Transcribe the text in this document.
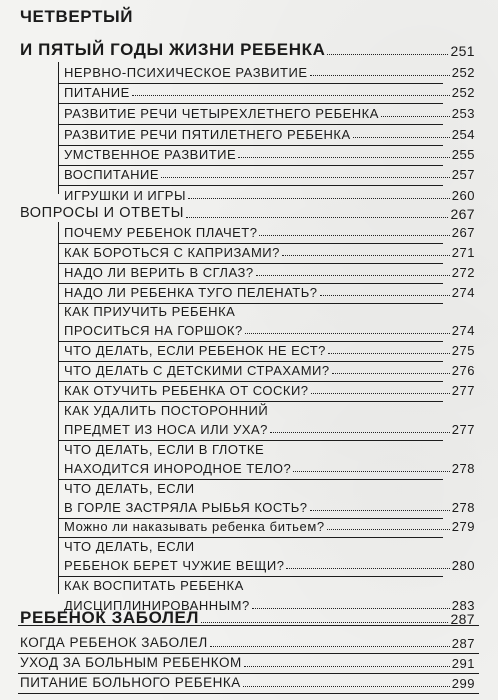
ЧЕТВЕРТЫЙ
И ПЯТЫЙ ГОДЫ ЖИЗНИ РЕБЕНКА	251
НЕРВНО-ПСИХИЧЕСКОЕ РАЗВИТИЕ	252
ПИТАНИЕ	252
РАЗВИТИЕ РЕЧИ ЧЕТЫРЕХЛЕТНЕГО РЕБЕНКА	253
РАЗВИТИЕ РЕЧИ ПЯТИЛЕТНЕГО РЕБЕНКА	254
УМСТВЕННОЕ РАЗВИТИЕ	255
ВОСПИТАНИЕ	257
ИГРУШКИ И ИГРЫ	260
ВОПРОСЫ И ОТВЕТЫ	267
ПОЧЕМУ РЕБЕНОК ПЛАЧЕТ?	267
КАК БОРОТЬСЯ С КАПРИЗАМИ?	271
НАДО ЛИ ВЕРИТЬ В СГЛАЗ?	272
НАДО ЛИ РЕБЕНКА ТУГО ПЕЛЕНАТЬ?	274
КАК ПРИУЧИТЬ РЕБЕНКА
ПРОСИТЬСЯ НА ГОРШОК?	274
ЧТО ДЕЛАТЬ, ЕСЛИ РЕБЕНОК НЕ ЕСТ?	275
ЧТО ДЕЛАТЬ С ДЕТСКИМИ СТРАХАМИ?	276
КАК ОТУЧИТЬ РЕБЕНКА ОТ СОСКИ?	277
КАК УДАЛИТЬ ПОСТОРОННИЙ
ПРЕДМЕТ ИЗ НОСА ИЛИ УХА?	277
ЧТО ДЕЛАТЬ, ЕСЛИ В ГЛОТКЕ
НАХОДИТСЯ ИНОРОДНОЕ ТЕЛО?	278
ЧТО ДЕЛАТЬ, ЕСЛИ
В ГОРЛЕ ЗАСТРЯЛА РЫБЬЯ КОСТЬ?	278
Можно ли наказывать ребенка битьем?	279
ЧТО ДЕЛАТЬ, ЕСЛИ
РЕБЕНОК БЕРЕТ ЧУЖИЕ ВЕЩИ?	280
КАК ВОСПИТАТЬ РЕБЕНКА
ДИСЦИПЛИНИРОВАННЫМ?	283
РЕБЕНОК ЗАБОЛЕЛ	287
КОГДА РЕБЕНОК ЗАБОЛЕЛ	287
УХОД ЗА БОЛЬНЫМ РЕБЕНКОМ	291
ПИТАНИЕ БОЛЬНОГО РЕБЕНКА	299
